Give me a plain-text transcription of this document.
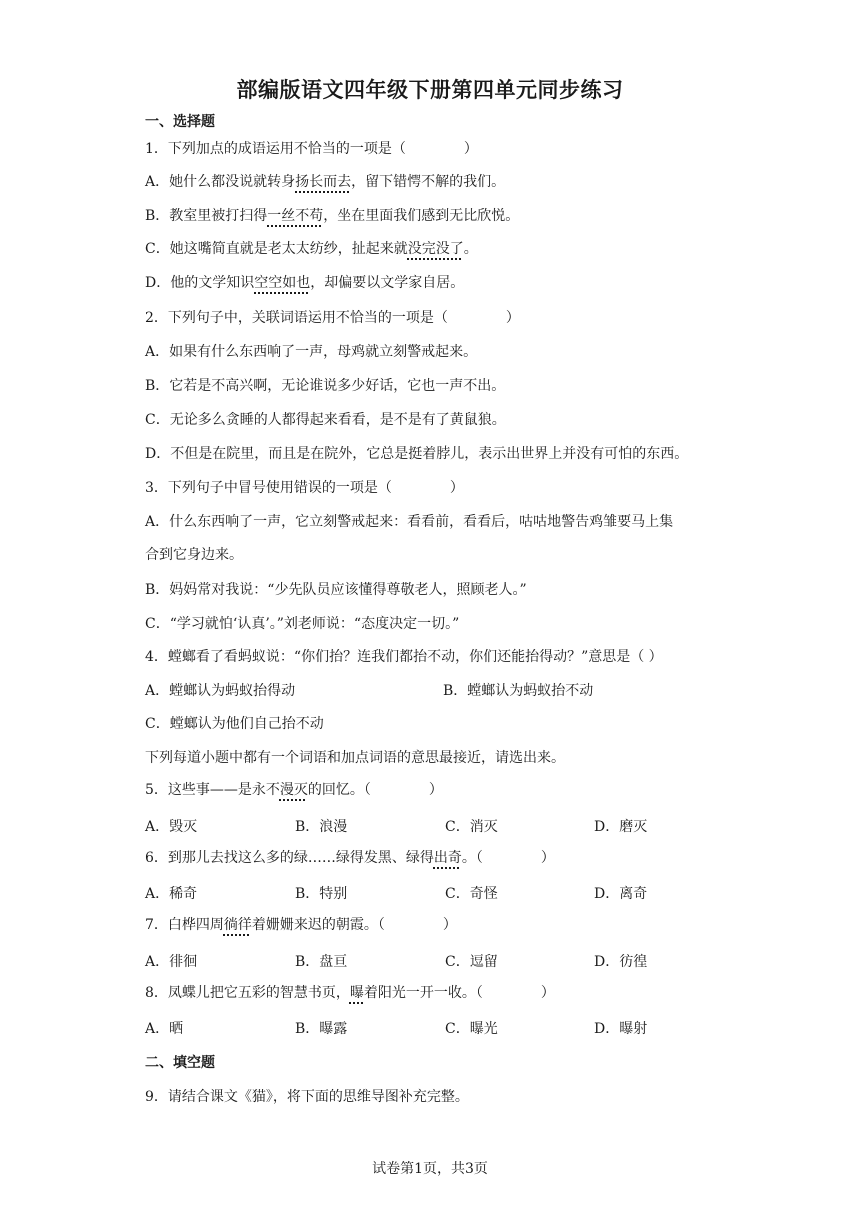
部编版语文四年级下册第四单元同步练习
一、选择题
1．下列加点的成语运用不恰当的一项是（	）
A．她什么都没说就转身扬长而去，留下错愕不解的我们。
B．教室里被打扫得一丝不苟，坐在里面我们感到无比欣悦。
C．她这嘴简直就是老太太纺纱，扯起来就没完没了。
D．他的文学知识空空如也，却偏要以文学家自居。
2．下列句子中，关联词语运用不恰当的一项是（	）
A．如果有什么东西响了一声，母鸡就立刻警戒起来。
B．它若是不高兴啊，无论谁说多少好话，它也一声不出。
C．无论多么贪睡的人都得起来看看，是不是有了黄鼠狼。
D．不但是在院里，而且是在院外，它总是挺着脖儿，表示出世界上并没有可怕的东西。
3．下列句子中冒号使用错误的一项是（	）
A．什么东西响了一声，它立刻警戒起来：看看前，看看后，咕咕地警告鸡雏要马上集
合到它身边来。
B．妈妈常对我说：“少先队员应该懂得尊敬老人，照顾老人。”
C．“学习就怕‘认真’。”刘老师说：“态度决定一切。”
4．螳螂看了看蚂蚁说：“你们抬？连我们都抬不动，你们还能抬得动？”意思是（ ）
A．螳螂认为蚂蚁抬得动	B．螳螂认为蚂蚁抬不动
C．螳螂认为他们自己抬不动
下列每道小题中都有一个词语和加点词语的意思最接近，请选出来。
5．这些事——是永不漫灭的回忆。（	）
A．毁灭	B．浪漫	C．消灭	D．磨灭
6．到那儿去找这么多的绿……绿得发黑、绿得出奇。（	）
A．稀奇	B．特别	C．奇怪	D．离奇
7．白桦四周徜徉着姗姗来迟的朝霞。（	）
A．徘徊	B．盘亘	C．逗留	D．彷徨
8．凤蝶儿把它五彩的智慧书页，曝着阳光一开一收。（	）
A．晒	B．曝露	C．曝光	D．曝射
二、填空题
9．请结合课文《猫》，将下面的思维导图补充完整。
试卷第1页，共3页
